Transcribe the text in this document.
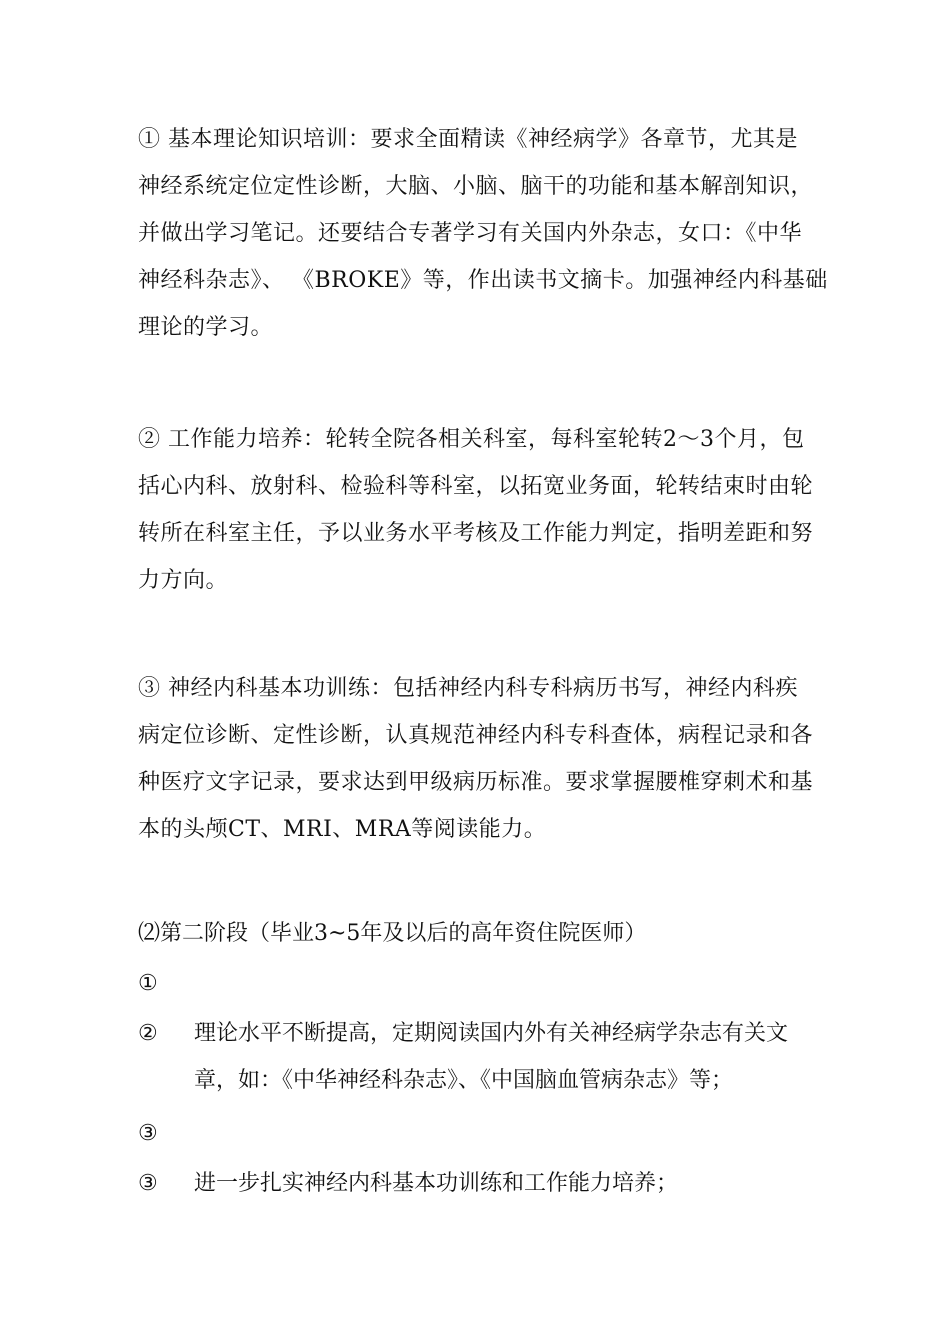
① 基本理论知识培训：要求全面精读《神经病学》各章节，尤其是
神经系统定位定性诊断，大脑、小脑、脑干的功能和基本解剖知识，
并做出学习笔记。还要结合专著学习有关国内外杂志，女口：《中华
神经科杂志》、 《BROKE》等，作出读书文摘卡。加强神经内科基础
理论的学习。
② 工作能力培养：轮转全院各相关科室，每科室轮转2〜3个月，包
括心内科、放射科、检验科等科室，以拓宽业务面，轮转结束时由轮
转所在科室主任，予以业务水平考核及工作能力判定，指明差距和努
力方向。
③ 神经内科基本功训练：包括神经内科专科病历书写，神经内科疾
病定位诊断、定性诊断，认真规范神经内科专科查体，病程记录和各
种医疗文字记录，要求达到甲级病历标准。要求掌握腰椎穿刺术和基
本的头颅CT、MRI、MRA等阅读能力。
⑵第二阶段（毕业3~5年及以后的高年资住院医师）
①
②	理论水平不断提高，定期阅读国内外有关神经病学杂志有关文
章，如：《中华神经科杂志》、《中国脑血管病杂志》等；
③
③	进一步扎实神经内科基本功训练和工作能力培养；
